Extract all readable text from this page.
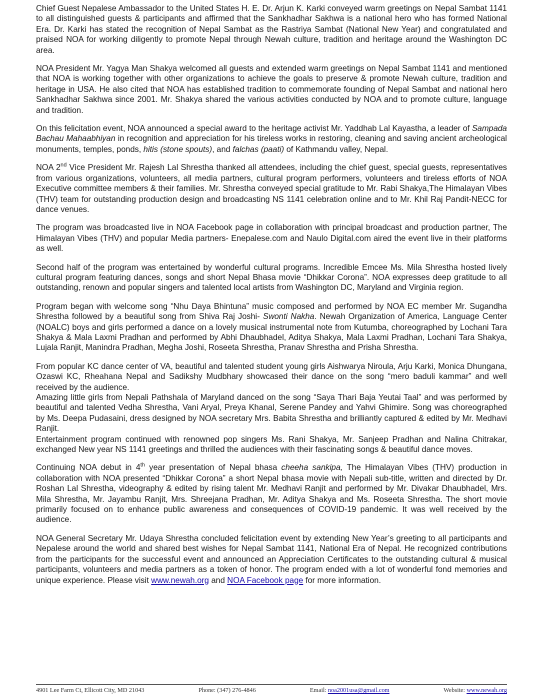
Chief Guest Nepalese Ambassador to the United States H. E. Dr. Arjun K. Karki conveyed warm greetings on Nepal Sambat 1141 to all distinguished guests & participants and affirmed that the Sankhadhar Sakhwa is a national hero who has formed National Era. Dr. Karki has stated the recognition of Nepal Sambat as the Rastriya Sambat (National New Year) and congratulated and praised NOA for working diligently to promote Nepal through Newah culture, tradition and heritage around the Washington DC area.

NOA President Mr. Yagya Man Shakya welcomed all guests and extended warm greetings on Nepal Sambat 1141 and mentioned that NOA is working together with other organizations to achieve the goals to preserve & promote Newah culture, tradition and heritage in USA. He also cited that NOA has established tradition to commemorate founding of Nepal Sambat and national hero Sankhadhar Sakhwa since 2001. Mr. Shakya shared the various activities conducted by NOA and to promote culture, language and tradition.

On this felicitation event, NOA announced a special award to the heritage activist Mr. Yaddhab Lal Kayastha, a leader of Sampada Bachau Mahaabhiyan in recognition and appreciation for his tireless works in restoring, cleaning and saving ancient archeological monuments, temples, ponds, hitis (stone spouts), and falchas (paati) of Kathmandu valley, Nepal.

NOA 2nd Vice President Mr. Rajesh Lal Shrestha thanked all attendees, including the chief guest, special guests, representatives from various organizations, volunteers, all media partners, cultural program performers, volunteers and tireless efforts of NOA Executive committee members & their families. Mr. Shrestha conveyed special gratitude to Mr. Rabi Shakya,The Himalayan Vibes (THV) team for outstanding production design and broadcasting NS 1141 celebration online and to Mr. Khil Raj Pandit-NECC for dance venues.

The program was broadcasted live in NOA Facebook page in collaboration with principal broadcast and production partner, The Himalayan Vibes (THV) and popular Media partners- Enepalese.com and Naulo Digital.com aired the event live in their platforms as well.

Second half of the program was entertained by wonderful cultural programs. Incredible Emcee Ms. Mila Shrestha hosted lively cultural program featuring dances, songs and short Nepal Bhasa movie “Dhikkar Corona”. NOA expresses deep gratitude to all outstanding, renown and popular singers and talented local artists from Washington DC, Maryland and Virginia region.

Program began with welcome song “Nhu Daya Bhintuna” music composed and performed by NOA EC member Mr. Sugandha Shrestha followed by a beautiful song from Shiva Raj Joshi- Swonti Nakha. Newah Organization of America, Language Center (NOALC) boys and girls performed a dance on a lovely musical instrumental note from Kutumba, choreographed by Lochani Tara Shakya & Mala Laxmi Pradhan and performed by Abhi Dhaubhadel, Aditya Shakya, Mala Laxmi Pradhan, Lochani Tara Shakya, Lujala Ranjit, Manindra Pradhan, Megha Joshi, Roseeta Shrestha, Pranav Shrestha and Prisha Shrestha.

From popular KC dance center of VA, beautiful and talented student young girls Aishwarya Niroula, Arju Karki, Monica Dhungana, Ozaswi KC, Rheahana Nepal and Sadikshy Mudbhary showcased their dance on the song “mero baduli kammar” and well received by the audience.

Amazing little girls from Nepali Pathshala of Maryland danced on the song “Saya Thari Baja Yeutai Taal” and was performed by beautiful and talented Vedha Shrestha, Vani Aryal, Preya Khanal, Serene Pandey and Yahvi Ghimire. Song was choreographed by Ms. Deepa Pudasaini, dress designed by NOA secretary Mrs. Babita Shrestha and brilliantly captured & edited by Mr. Medhavi Ranjit.

Entertainment program continued with renowned pop singers Ms. Rani Shakya, Mr. Sanjeep Pradhan and Nalina Chitrakar, exchanged New year NS 1141 greetings and thrilled the audiences with their fascinating songs & beautiful dance moves.

Continuing NOA debut in 4th year presentation of Nepal bhasa cheeha sankipa, The Himalayan Vibes (THV) production in collaboration with NOA presented “Dhikkar Corona” a short Nepal bhasa movie with Nepali sub-title, written and directed by Dr. Roshan Lal Shrestha, videography & edited by rising talent Mr. Medhavi Ranjit and performed by Mr. Divakar Dhaubhadel, Mrs. Mila Shrestha, Mr. Jayambu Ranjit, Mrs. Shreejana Pradhan, Mr. Aditya Shakya and Ms. Roseeta Shrestha. The short movie primarily focused on to enhance public awareness and consequences of COVID-19 pandemic. It was well received by the audience.

NOA General Secretary Mr. Udaya Shrestha concluded felicitation event by extending New Year’s greeting to all participants and Nepalese around the world and shared best wishes for Nepal Sambat 1141, National Era of Nepal. He recognized contributions from the participants for the successful event and announced an Appreciation Certificates to the outstanding cultural & musical participants, volunteers and media partners as a token of honor. The program ended with a lot of wonderful fond memories and unique experience. Please visit www.newah.org and NOA Facebook page for more information.

4901 Lee Farm Ct, Ellicott City, MD 21043	Phone: (347) 276-4846	Email: noa2001usa@gmail.com	Website: www.newah.org
